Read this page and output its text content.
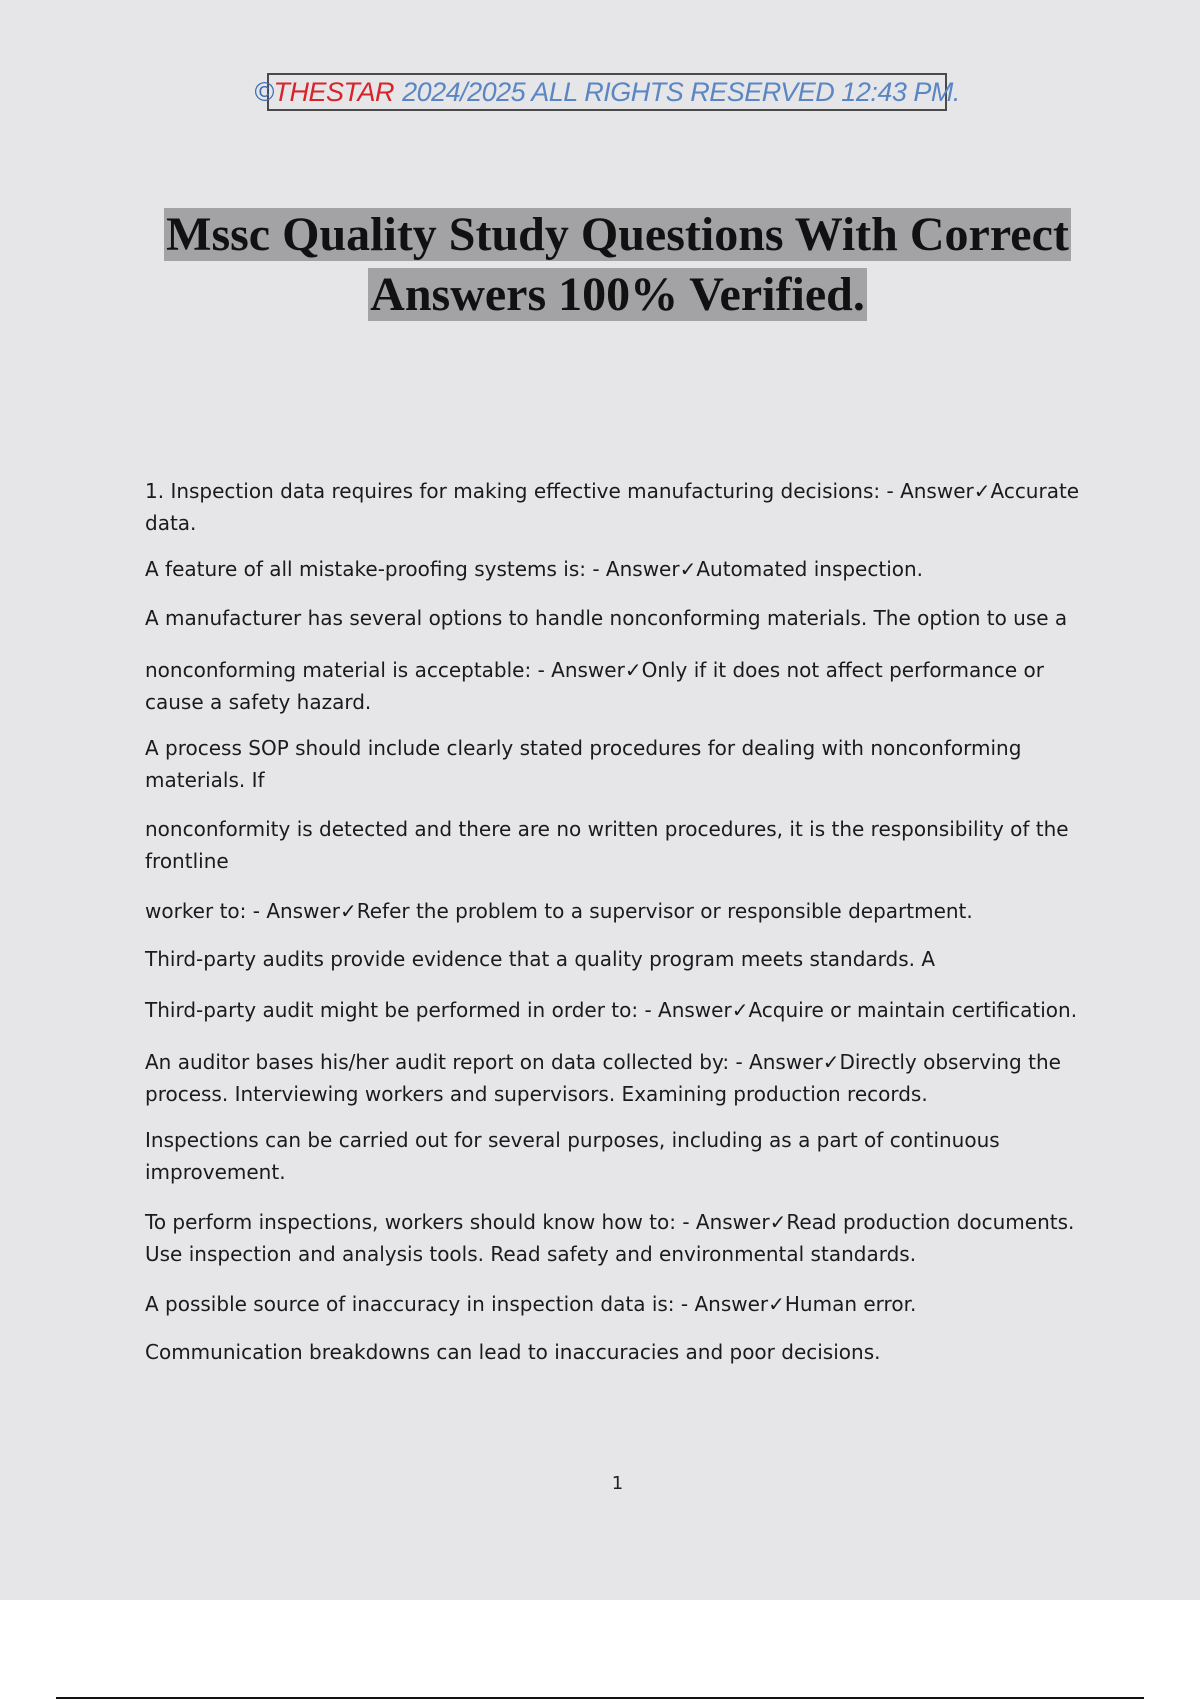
©THESTAR 2024/2025 ALL RIGHTS RESERVED 12:43 PM.
Mssc Quality Study Questions With Correct
Answers 100% Verified.

1. Inspection data requires for making effective manufacturing decisions: - Answer✓Accurate data.

A feature of all mistake-proofing systems is: - Answer✓Automated inspection.

A manufacturer has several options to handle nonconforming materials. The option to use a

nonconforming material is acceptable: - Answer✓Only if it does not affect performance or cause a safety hazard.

A process SOP should include clearly stated procedures for dealing with nonconforming materials. If

nonconformity is detected and there are no written procedures, it is the responsibility of the frontline

worker to: - Answer✓Refer the problem to a supervisor or responsible department.

Third-party audits provide evidence that a quality program meets standards. A

Third-party audit might be performed in order to: - Answer✓Acquire or maintain certification.

An auditor bases his/her audit report on data collected by: - Answer✓Directly observing the process. Interviewing workers and supervisors. Examining production records.

Inspections can be carried out for several purposes, including as a part of continuous improvement.

To perform inspections, workers should know how to: - Answer✓Read production documents. Use inspection and analysis tools. Read safety and environmental standards.

A possible source of inaccuracy in inspection data is: - Answer✓Human error.

Communication breakdowns can lead to inaccuracies and poor decisions.

1
